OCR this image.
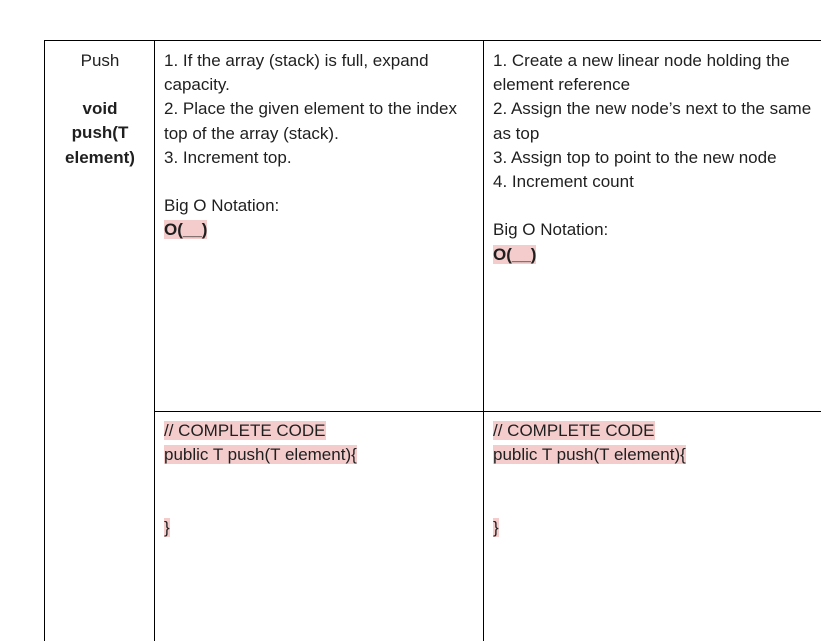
Push
void
push(T
element)
1. If the array (stack) is full, expand capacity.
2. Place the given element to the index top of the array (stack).
3. Increment top.
Big O Notation:
O(__)
1. Create a new linear node holding the element reference
2. Assign the new node’s next to the same as top
3. Assign top to point to the new node
4. Increment count
Big O Notation:
O(__)
// COMPLETE CODE
public T push(T element){
}
// COMPLETE CODE
public T push(T element){
}
